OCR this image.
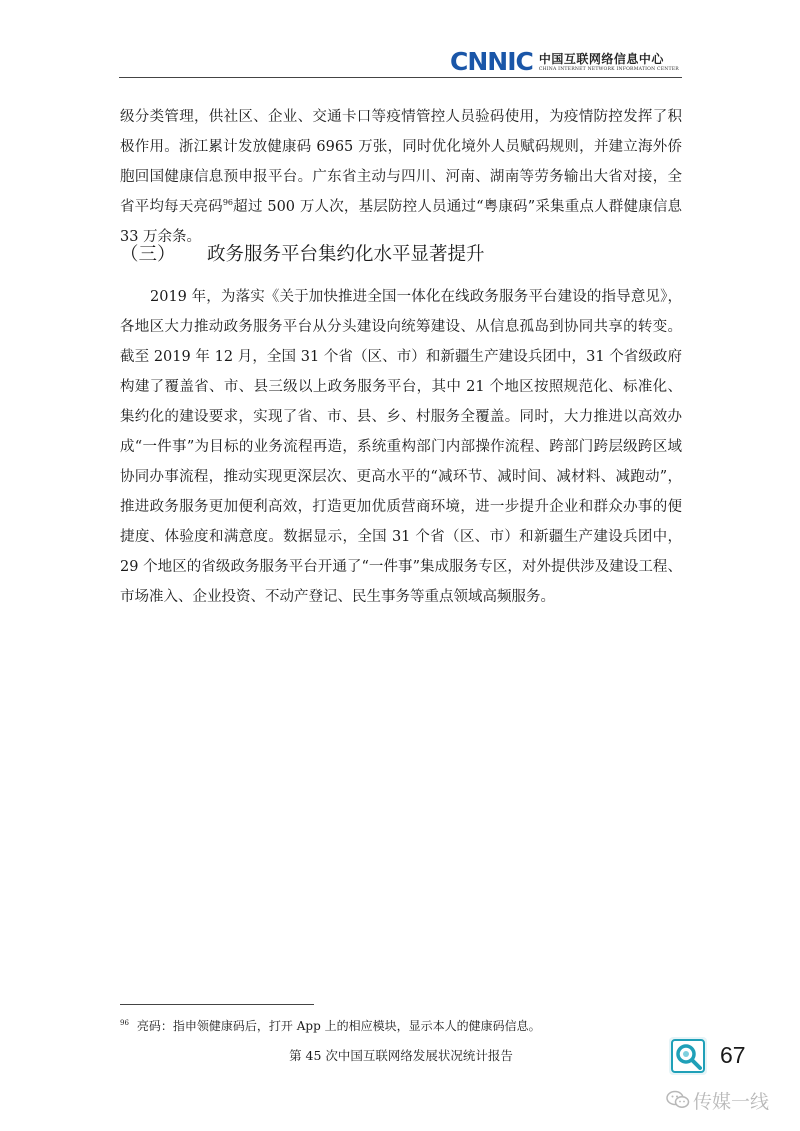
CNNIC 中国互联网络信息中心
CHINA INTERNET NETWORK INFORMATION CENTER

级分类管理，供社区、企业、交通卡口等疫情管控人员验码使用，为疫情防控发挥了积极作用。浙江累计发放健康码 6965 万张，同时优化境外人员赋码规则，并建立海外侨胞回国健康信息预申报平台。广东省主动与四川、河南、湖南等劳务输出大省对接，全省平均每天亮码$^{96}$超过 500 万人次，基层防控人员通过“粤康码”采集重点人群健康信息 33 万余条。

（三）	政务服务平台集约化水平显著提升

2019 年，为落实《关于加快推进全国一体化在线政务服务平台建设的指导意见》，各地区大力推动政务服务平台从分头建设向统筹建设、从信息孤岛到协同共享的转变。截至 2019 年 12 月，全国 31 个省（区、市）和新疆生产建设兵团中，31 个省级政府构建了覆盖省、市、县三级以上政务服务平台，其中 21 个地区按照规范化、标准化、集约化的建设要求，实现了省、市、县、乡、村服务全覆盖。同时，大力推进以高效办成“一件事”为目标的业务流程再造，系统重构部门内部操作流程、跨部门跨层级跨区域协同办事流程，推动实现更深层次、更高水平的“减环节、减时间、减材料、减跑动”，推进政务服务更加便利高效，打造更加优质营商环境，进一步提升企业和群众办事的便捷度、体验度和满意度。数据显示，全国 31 个省（区、市）和新疆生产建设兵团中，29 个地区的省级政务服务平台开通了“一件事”集成服务专区，对外提供涉及建设工程、市场准入、企业投资、不动产登记、民生事务等重点领域高频服务。

$^{96}$ 亮码：指申领健康码后，打开 App 上的相应模块，显示本人的健康码信息。
第 45 次中国互联网络发展状况统计报告	67
传媒一线
